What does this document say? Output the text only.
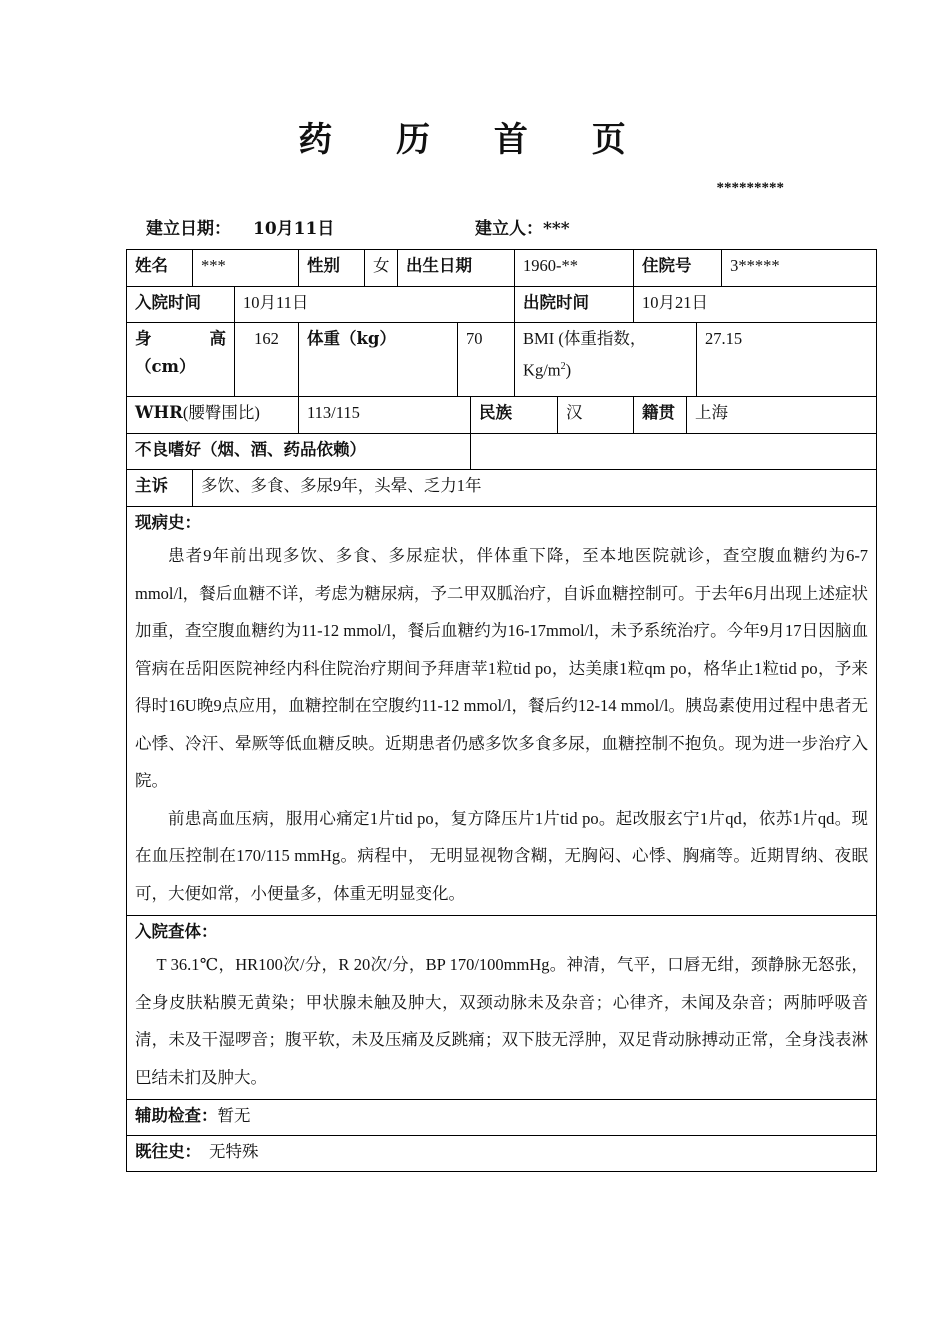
药 历 首 页
*********
建立日期： 10月11日	建立人：***
姓名	***		性别	女	出生日期			1960-**		住院号			3*****
入院时间		10月11日						出院时间		10月21日			

身 高
（cm）		162	体重（kg）			70		BMI (体重指数，$Kg/m^2$)				27.15	
WHR(腰臀围比)			113/115				民族		汉	籍贯	上海		
不良嗜好（烟、酒、药品依赖）													
主诉	多饮、多食、多尿9年，头晕、乏力1年												

现病史：

患者9年前出现多饮、多食、多尿症状，伴体重下降，至本地医院就诊，查空腹血糖约为6-7 mmol/l，餐后血糖不详，考虑为糖尿病，予二甲双胍治疗，自诉血糖控制可。于去年6月出现上述症状加重，查空腹血糖约为11-12 mmol/l，餐后血糖约为16-17mmol/l，未予系统治疗。今年9月17日因脑血管病在岳阳医院神经内科住院治疗期间予拜唐苹1粒tid po，达美康1粒qm po，格华止1粒tid po，予来得时16U晚9点应用，血糖控制在空腹约11-12 mmol/l，餐后约12-14 mmol/l。胰岛素使用过程中患者无心悸、冷汗、晕厥等低血糖反映。近期患者仍感多饮多食多尿，血糖控制不抱负。现为进一步治疗入院。

前患高血压病，服用心痛定1片tid po，复方降压片1片tid po。起改服玄宁1片qd，依苏1片qd。现在血压控制在170/115 mmHg。病程中， 无明显视物含糊，无胸闷、心悸、胸痛等。近期胃纳、夜眠可，大便如常，小便量多，体重无明显变化。													

入院查体：

T 36.1℃，HR100次/分，R 20次/分，BP 170/100mmHg。神清，气平，口唇无绀，颈静脉无怒张，全身皮肤粘膜无黄染；甲状腺未触及肿大，双颈动脉未及杂音；心律齐，未闻及杂音；两肺呼吸音清，未及干湿啰音；腹平软，未及压痛及反跳痛；双下肢无浮肿，双足背动脉搏动正常，全身浅表淋巴结未扪及肿大。													

辅助检查：暂无													
既往史： 无特殊													
